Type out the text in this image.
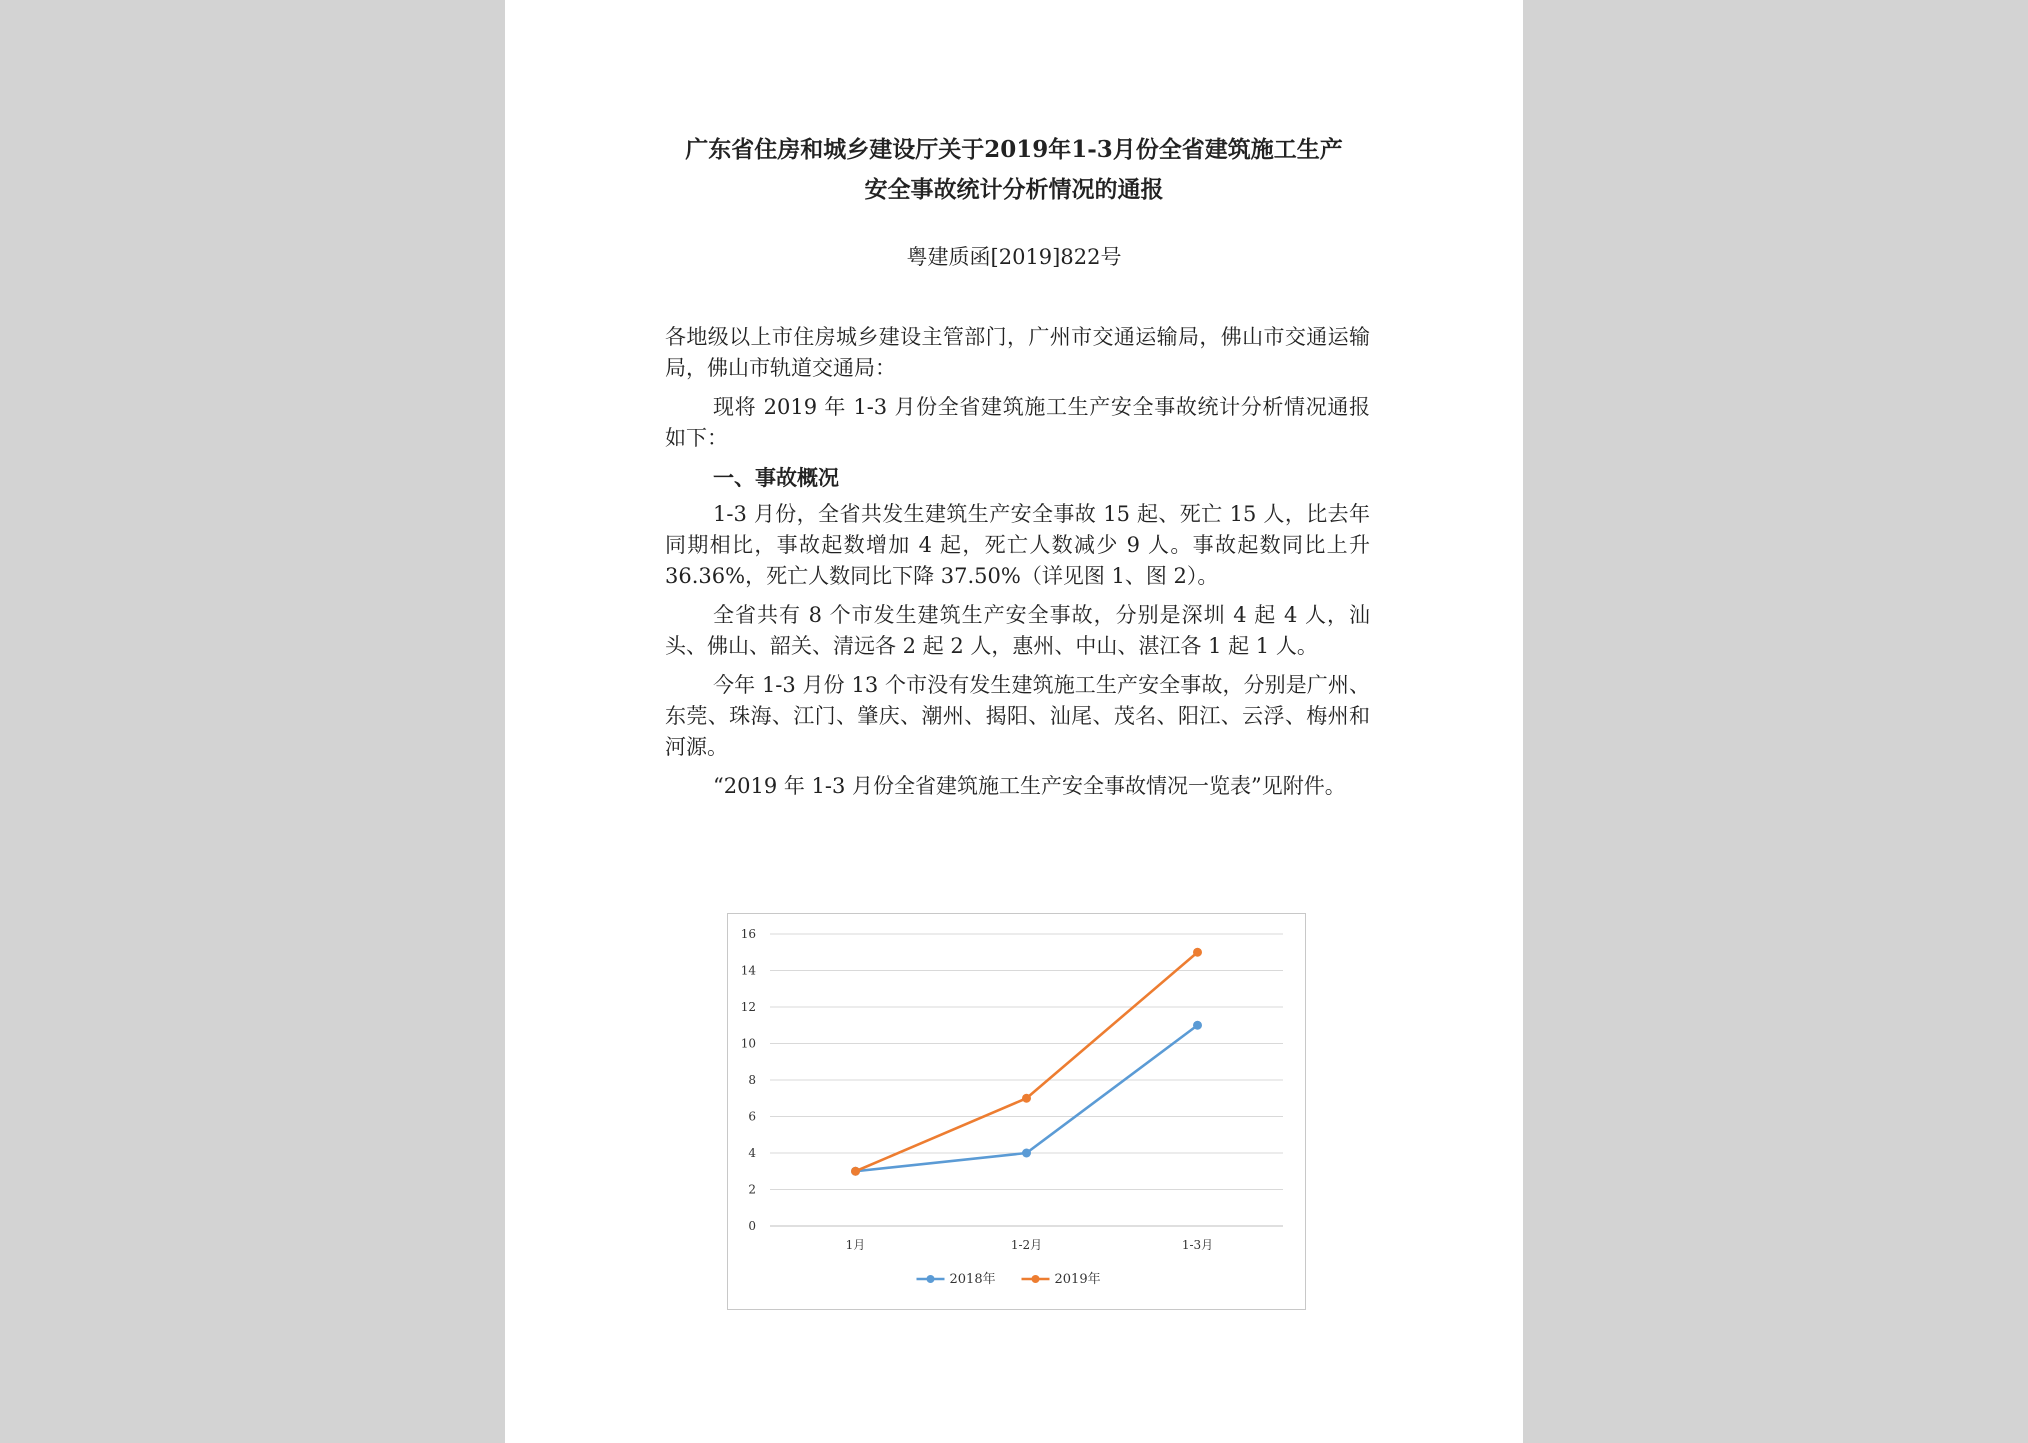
广东省住房和城乡建设厅关于2019年1-3月份全省建筑施工生产
安全事故统计分析情况的通报
粤建质函[2019]822号

各地级以上市住房城乡建设主管部门，广州市交通运输局，佛山市交通运输局，佛山市轨道交通局：

现将 2019 年 1-3 月份全省建筑施工生产安全事故统计分析情况通报如下：

一、事故概况

1-3 月份，全省共发生建筑生产安全事故 15 起、死亡 15 人，比去年同期相比，事故起数增加 4 起，死亡人数减少 9 人。事故起数同比上升 36.36%，死亡人数同比下降 37.50%（详见图 1、图 2）。

全省共有 8 个市发生建筑生产安全事故，分别是深圳 4 起 4 人，汕头、佛山、韶关、清远各 2 起 2 人，惠州、中山、湛江各 1 起 1 人。

今年 1-3 月份 13 个市没有发生建筑施工生产安全事故，分别是广州、东莞、珠海、江门、肇庆、潮州、揭阳、汕尾、茂名、阳江、云浮、梅州和河源。

“2019 年 1-3 月份全省建筑施工生产安全事故情况一览表”见附件。

0
2
4
6
8
10
12
14
16
1月	1-2月	1-3月
2018年	2019年
